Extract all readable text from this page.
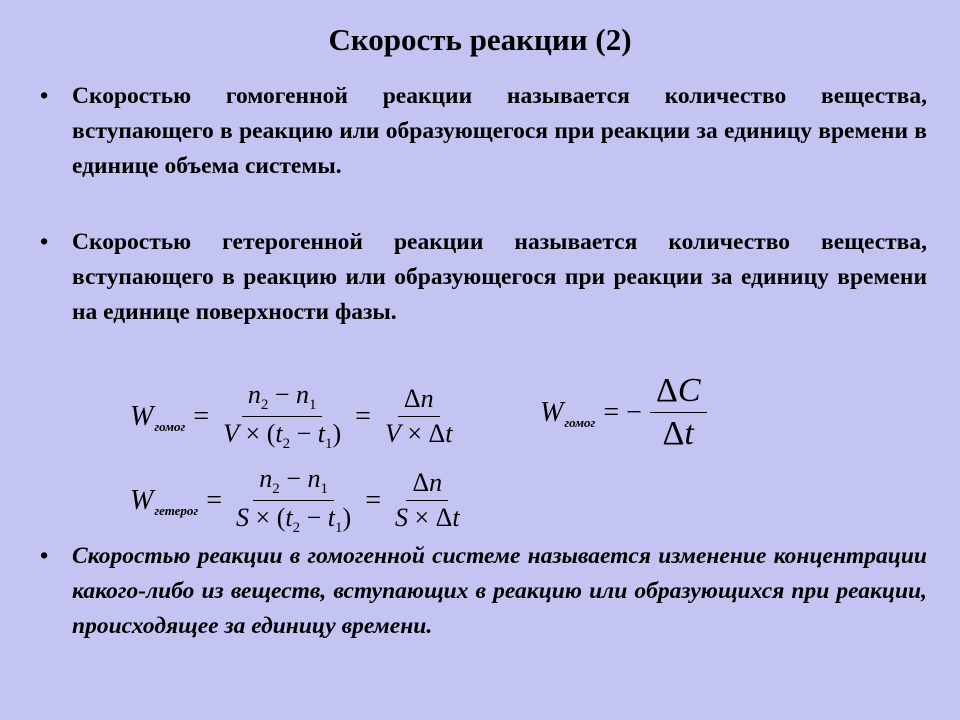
Скорость реакции (2)
• Скоростью гомогенной реакции называется количество вещества, вступающего в реакцию или образующегося при реакции за единицу времени в единице объема системы.
• Скоростью гетерогенной реакции называется количество вещества, вступающего в реакцию или образующегося при реакции за единицу времени на единице поверхности фазы.
W гомог = $\frac{n_2 - n_1}{V \times (t_2 - t_1)} = \frac{\Delta n}{V \times \Delta t}$	W гомог = − $\frac{\Delta C}{\Delta t}$
W гетерог = $\frac{n_2 - n_1}{S \times (t_2 - t_1)} = \frac{\Delta n}{S \times \Delta t}$
• Скоростью реакции в гомогенной системе называется изменение концентрации какого-либо из веществ, вступающих в реакцию или образующихся при реакции, происходящее за единицу времени.
